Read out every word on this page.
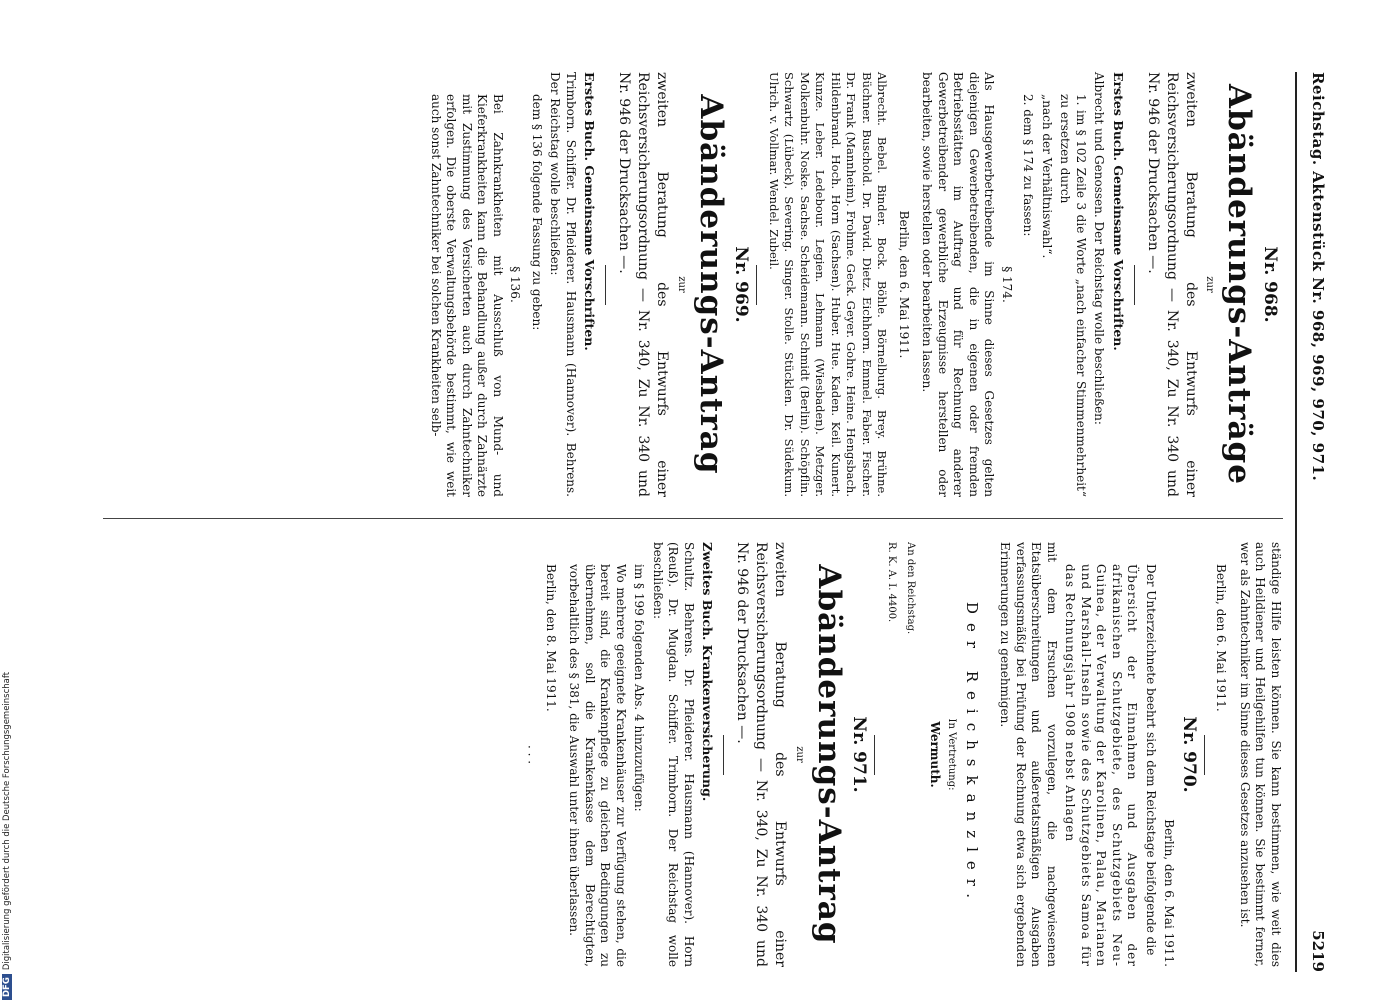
Reichstag. Aktenstück Nr. 968, 969, 970, 971.
5219
Nr. 968.
Abänderungs-Anträge
zur
zweiten Beratung des Entwurfs einer Reichsversicherungsordnung — Nr. 340, Zu Nr. 340 und Nr. 946 der Drucksachen —.
Erstes Buch. Gemeinsame Vorschriften.
Albrecht und Genossen. Der Reichstag wolle beschließen:
1. im § 102 Zeile 3 die Worte „nach einfacher Stimmenmehrheit“ zu ersetzen durch
„nach der Verhältniswahl“.
2. dem § 174 zu fassen:
§ 174.
Als Hausgewerbetreibende im Sinne dieses Gesetzes gelten diejenigen Gewerbetreibenden, die in eigenen oder fremden Betriebsstätten im Auftrag und für Rechnung anderer Gewerbetreibender gewerbliche Erzeugnisse herstellen oder bearbeiten, sowie herstellen oder bearbeiten lassen.
Berlin, den 6. Mai 1911.
Albrecht. Bebel. Binder. Bock. Böhle. Börnelburg. Brey. Brühne. Büchner. Buschold. Dr. David. Dietz. Eichhorn. Emmel. Faber. Fischer. Dr. Frank (Mannheim). Frohme. Geck. Geyer. Gohre. Heine. Hengsbach. Hildenbrand. Hoch. Horn (Sachsen). Huber. Hue. Kaden. Keil. Kunert. Kunze. Leber. Ledebour. Legien. Lehmann (Wiesbaden). Metzger. Molkenbuhr. Noske. Sachse. Scheidemann. Schmidt (Berlin). Schöpflin. Schwartz (Lübeck). Severing. Singer. Stolle. Stücklen. Dr. Südekum. Ulrich. v. Vollmar. Wendel. Zubeil.
Nr. 969.
Abänderungs-Antrag
zur
zweiten Beratung des Entwurfs einer Reichsversicherungsordnung — Nr. 340, Zu Nr. 340 und Nr. 946 der Drucksachen —.
Erstes Buch. Gemeinsame Vorschriften.
Trimborn. Schiffer. Dr. Pfleiderer. Hausmann (Hannover). Behrens. Der Reichstag wolle beschließen:
dem § 136 folgende Fassung zu geben:
§ 136.
Bei Zahnkrankheiten mit Ausschluß von Mund- und Kieferkrankheiten kann die Behandlung außer durch Zahnärzte mit Zustimmung des Versicherten auch durch Zahntechniker erfolgen. Die oberste Verwaltungsbehörde bestimmt, wie weit auch sonst Zahntechniker bei solchen Krankheiten selb-
ständige Hilfe leisten können. Sie kann bestimmen, wie weit dies auch Heildiener und Heilgehilfen tun können. Sie bestimmt ferner, wer als Zahntechniker im Sinne dieses Gesetzes anzusehen ist.
Berlin, den 6. Mai 1911.
Nr. 970.
Berlin, den 6. Mai 1911.
Der Unterzeichnete beehrt sich dem Reichstage beifolgende die
Übersicht der Einnahmen und Ausgaben der afrikanischen Schutzgebiete, des Schutzgebiets Neu-Guinea, der Verwaltung der Karolinen, Palau, Marianen und Marshall-Inseln sowie des Schutzgebiets Samoa für das Rechnungsjahr 1908 nebst Anlagen
mit dem Ersuchen vorzulegen, die nachgewiesenen Etatsüberschreitungen und außeretatsmäßigen Ausgaben verfassungsmäßig bei Prüfung der Rechnung etwa sich ergebenden Erinnerungen zu genehmigen.
Der Reichskanzler.
In Vertretung:
Wermuth.
An den Reichstag.
R. K. A. I. 4400.
Nr. 971.
Abänderungs-Antrag
zur
zweiten Beratung des Entwurfs einer Reichsversicherungsordnung — Nr. 340, Zu Nr. 340 und Nr. 946 der Drucksachen —.
Zweites Buch. Krankenversicherung.
Schultz. Behrens. Dr. Pfleiderer. Hausmann (Hannover). Horn (Reuß). Dr. Mugdan. Schiffer. Trimborn. Der Reichstag wolle beschließen:
im § 199 folgenden Abs. 4 hinzuzufügen:
Wo mehrere geeignete Krankenhäuser zur Verfügung stehen, die bereit sind, die Krankenpflege zu gleichen Bedingungen zu übernehmen, soll die Krankenkasse dem Berechtigten, vorbehaltlich des § 381, die Auswahl unter ihnen überlassen.
Berlin, den 8. Mai 1911.
· · ·
DFGDigitalisierung gefördert durch die Deutsche Forschungsgemeinschaft
